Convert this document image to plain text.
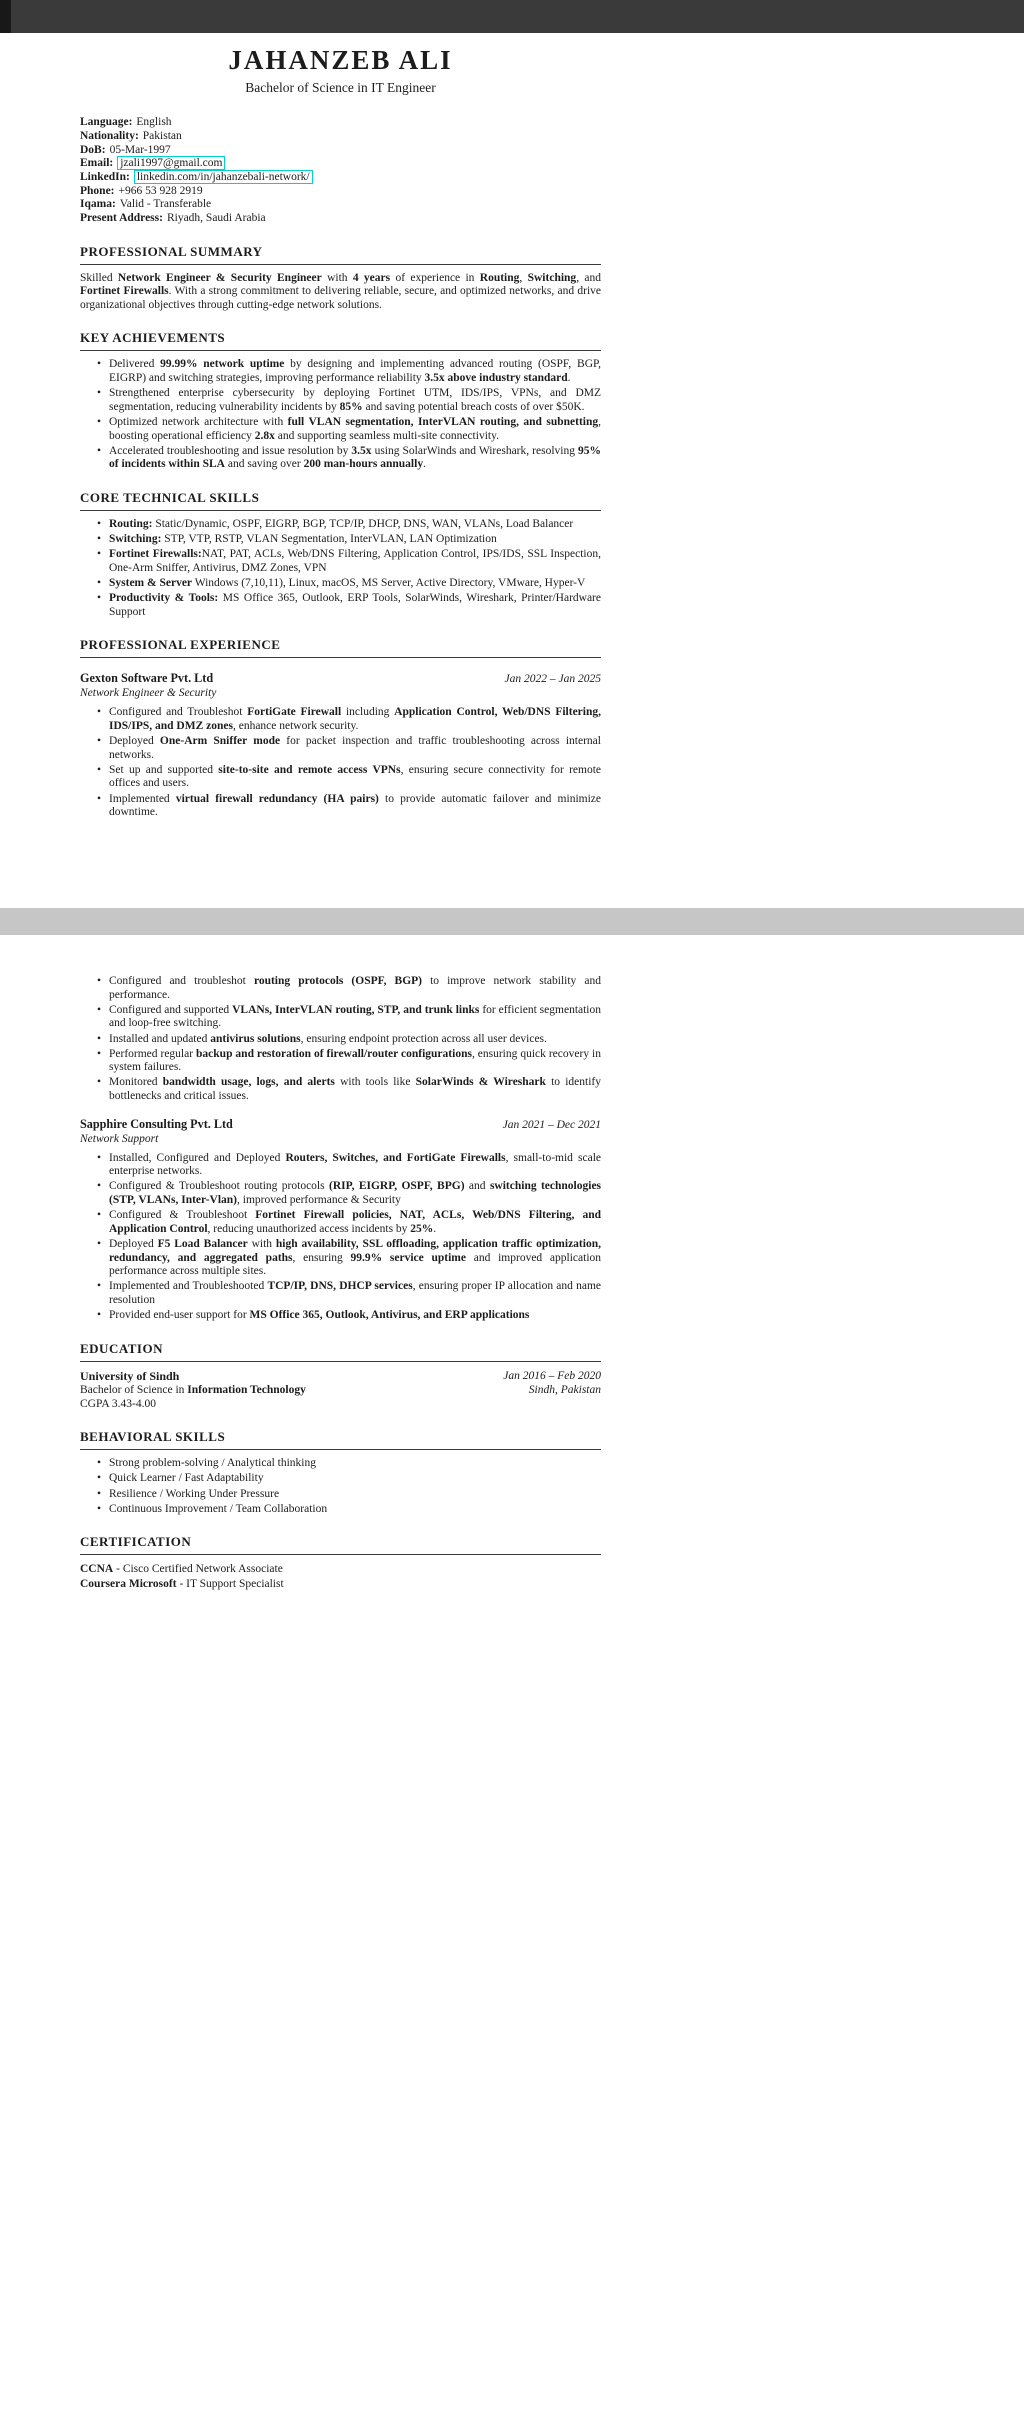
JAHANZEB ALI
Bachelor of Science in IT Engineer
Language: English
Nationality: Pakistan
DoB: 05-Mar-1997
Email: jzali1997@gmail.com
LinkedIn: linkedin.com/in/jahanzebali-network/
Phone: +966 53 928 2919
Iqama: Valid - Transferable
Present Address: Riyadh, Saudi Arabia
PROFESSIONAL SUMMARY

Skilled Network Engineer & Security Engineer with 4 years of experience in Routing, Switching, and Fortinet Firewalls. With a strong commitment to delivering reliable, secure, and optimized networks, and drive organizational objectives through cutting-edge network solutions.

KEY ACHIEVEMENTS
• Delivered 99.99% network uptime by designing and implementing advanced routing (OSPF, BGP, EIGRP) and switching strategies, improving performance reliability 3.5x above industry standard.
• Strengthened enterprise cybersecurity by deploying Fortinet UTM, IDS/IPS, VPNs, and DMZ segmentation, reducing vulnerability incidents by 85% and saving potential breach costs of over $50K.
• Optimized network architecture with full VLAN segmentation, InterVLAN routing, and subnetting, boosting operational efficiency 2.8x and supporting seamless multi-site connectivity.
• Accelerated troubleshooting and issue resolution by 3.5x using SolarWinds and Wireshark, resolving 95% of incidents within SLA and saving over 200 man-hours annually.
CORE TECHNICAL SKILLS
• Routing: Static/Dynamic, OSPF, EIGRP, BGP, TCP/IP, DHCP, DNS, WAN, VLANs, Load Balancer
• Switching: STP, VTP, RSTP, VLAN Segmentation, InterVLAN, LAN Optimization
• Fortinet Firewalls:NAT, PAT, ACLs, Web/DNS Filtering, Application Control, IPS/IDS, SSL Inspection, One-Arm Sniffer, Antivirus, DMZ Zones, VPN
• System & Server Windows (7,10,11), Linux, macOS, MS Server, Active Directory, VMware, Hyper-V
• Productivity & Tools: MS Office 365, Outlook, ERP Tools, SolarWinds, Wireshark, Printer/Hardware Support
PROFESSIONAL EXPERIENCE
Gexton Software Pvt. Ltd	Jan 2022 – Jan 2025
Network Engineer & Security
• Configured and Troubleshot FortiGate Firewall including Application Control, Web/DNS Filtering, IDS/IPS, and DMZ zones, enhance network security.
• Deployed One-Arm Sniffer mode for packet inspection and traffic troubleshooting across internal networks.
• Set up and supported site-to-site and remote access VPNs, ensuring secure connectivity for remote offices and users.
• Implemented virtual firewall redundancy (HA pairs) to provide automatic failover and minimize downtime.
• Configured and troubleshot routing protocols (OSPF, BGP) to improve network stability and performance.
• Configured and supported VLANs, InterVLAN routing, STP, and trunk links for efficient segmentation and loop-free switching.
• Installed and updated antivirus solutions, ensuring endpoint protection across all user devices.
• Performed regular backup and restoration of firewall/router configurations, ensuring quick recovery in system failures.
• Monitored bandwidth usage, logs, and alerts with tools like SolarWinds & Wireshark to identify bottlenecks and critical issues.
Sapphire Consulting Pvt. Ltd	Jan 2021 – Dec 2021
Network Support
• Installed, Configured and Deployed Routers, Switches, and FortiGate Firewalls, small-to-mid scale enterprise networks.
• Configured & Troubleshoot routing protocols (RIP, EIGRP, OSPF, BPG) and switching technologies (STP, VLANs, Inter-Vlan), improved performance & Security
• Configured & Troubleshoot Fortinet Firewall policies, NAT, ACLs, Web/DNS Filtering, and Application Control, reducing unauthorized access incidents by 25%.
• Deployed F5 Load Balancer with high availability, SSL offloading, application traffic optimization, redundancy, and aggregated paths, ensuring 99.9% service uptime and improved application performance across multiple sites.
• Implemented and Troubleshooted TCP/IP, DNS, DHCP services, ensuring proper IP allocation and name resolution
• Provided end-user support for MS Office 365, Outlook, Antivirus, and ERP applications
EDUCATION
University of Sindh	Jan 2016 – Feb 2020
Bachelor of Science in Information Technology	Sindh, Pakistan
CGPA 3.43-4.00
BEHAVIORAL SKILLS
• Strong problem-solving / Analytical thinking
• Quick Learner / Fast Adaptability
• Resilience / Working Under Pressure
• Continuous Improvement / Team Collaboration
CERTIFICATION
CCNA - Cisco Certified Network Associate
Coursera Microsoft - IT Support Specialist
